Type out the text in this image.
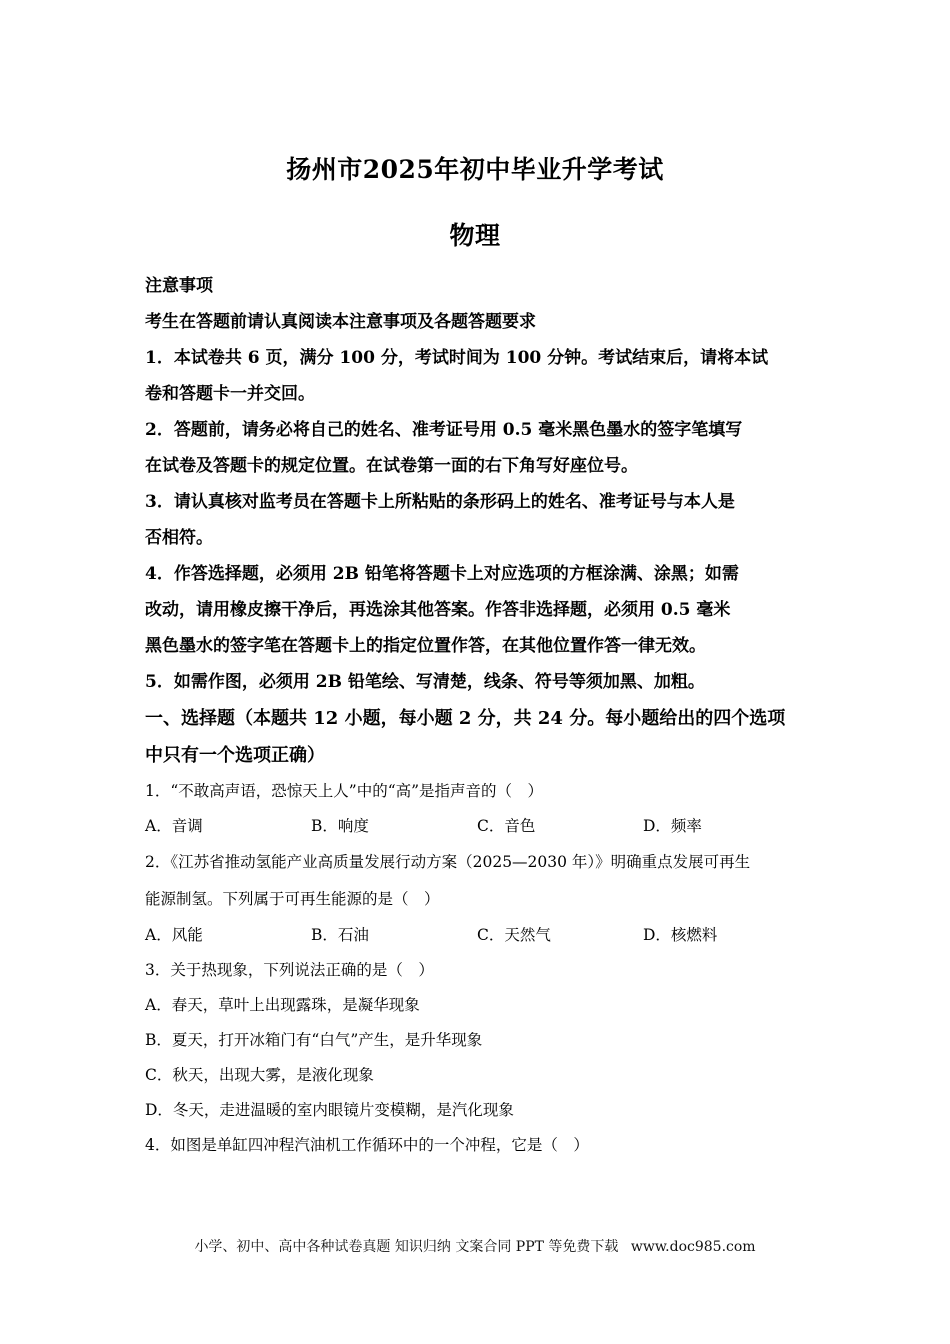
扬州市2025年初中毕业升学考试
物理

注意事项

考生在答题前请认真阅读本注意事项及各题答题要求

1．本试卷共 6 页，满分 100 分，考试时间为 100 分钟。考试结束后，请将本试

卷和答题卡一并交回。

2．答题前，请务必将自己的姓名、准考证号用 0.5 毫米黑色墨水的签字笔填写

在试卷及答题卡的规定位置。在试卷第一面的右下角写好座位号。

3．请认真核对监考员在答题卡上所粘贴的条形码上的姓名、准考证号与本人是

否相符。

4．作答选择题，必须用 2B 铅笔将答题卡上对应选项的方框涂满、涂黑；如需

改动，请用橡皮擦干净后，再选涂其他答案。作答非选择题，必须用 0.5 毫米

黑色墨水的签字笔在答题卡上的指定位置作答，在其他位置作答一律无效。

5．如需作图，必须用 2B 铅笔绘、写清楚，线条、符号等须加黑、加粗。

一、选择题（本题共 12 小题，每小题 2 分，共 24 分。每小题给出的四个选项

中只有一个选项正确）

1．“不敢高声语，恐惊天上人”中的“高”是指声音的（　）

A．音调	B．响度	C．音色	D．频率

2．《江苏省推动氢能产业高质量发展行动方案（2025—2030 年）》明确重点发展可再生

能源制氢。下列属于可再生能源的是（　）

A．风能	B．石油	C．天然气	D．核燃料

3．关于热现象，下列说法正确的是（　）

A．春天，草叶上出现露珠，是凝华现象

B．夏天，打开冰箱门有“白气”产生，是升华现象

C．秋天，出现大雾，是液化现象

D．冬天，走进温暖的室内眼镜片变模糊，是汽化现象

4．如图是单缸四冲程汽油机工作循环中的一个冲程，它是（　）

小学、初中、高中各种试卷真题 知识归纳 文案合同 PPT 等免费下载 www.doc985.com
